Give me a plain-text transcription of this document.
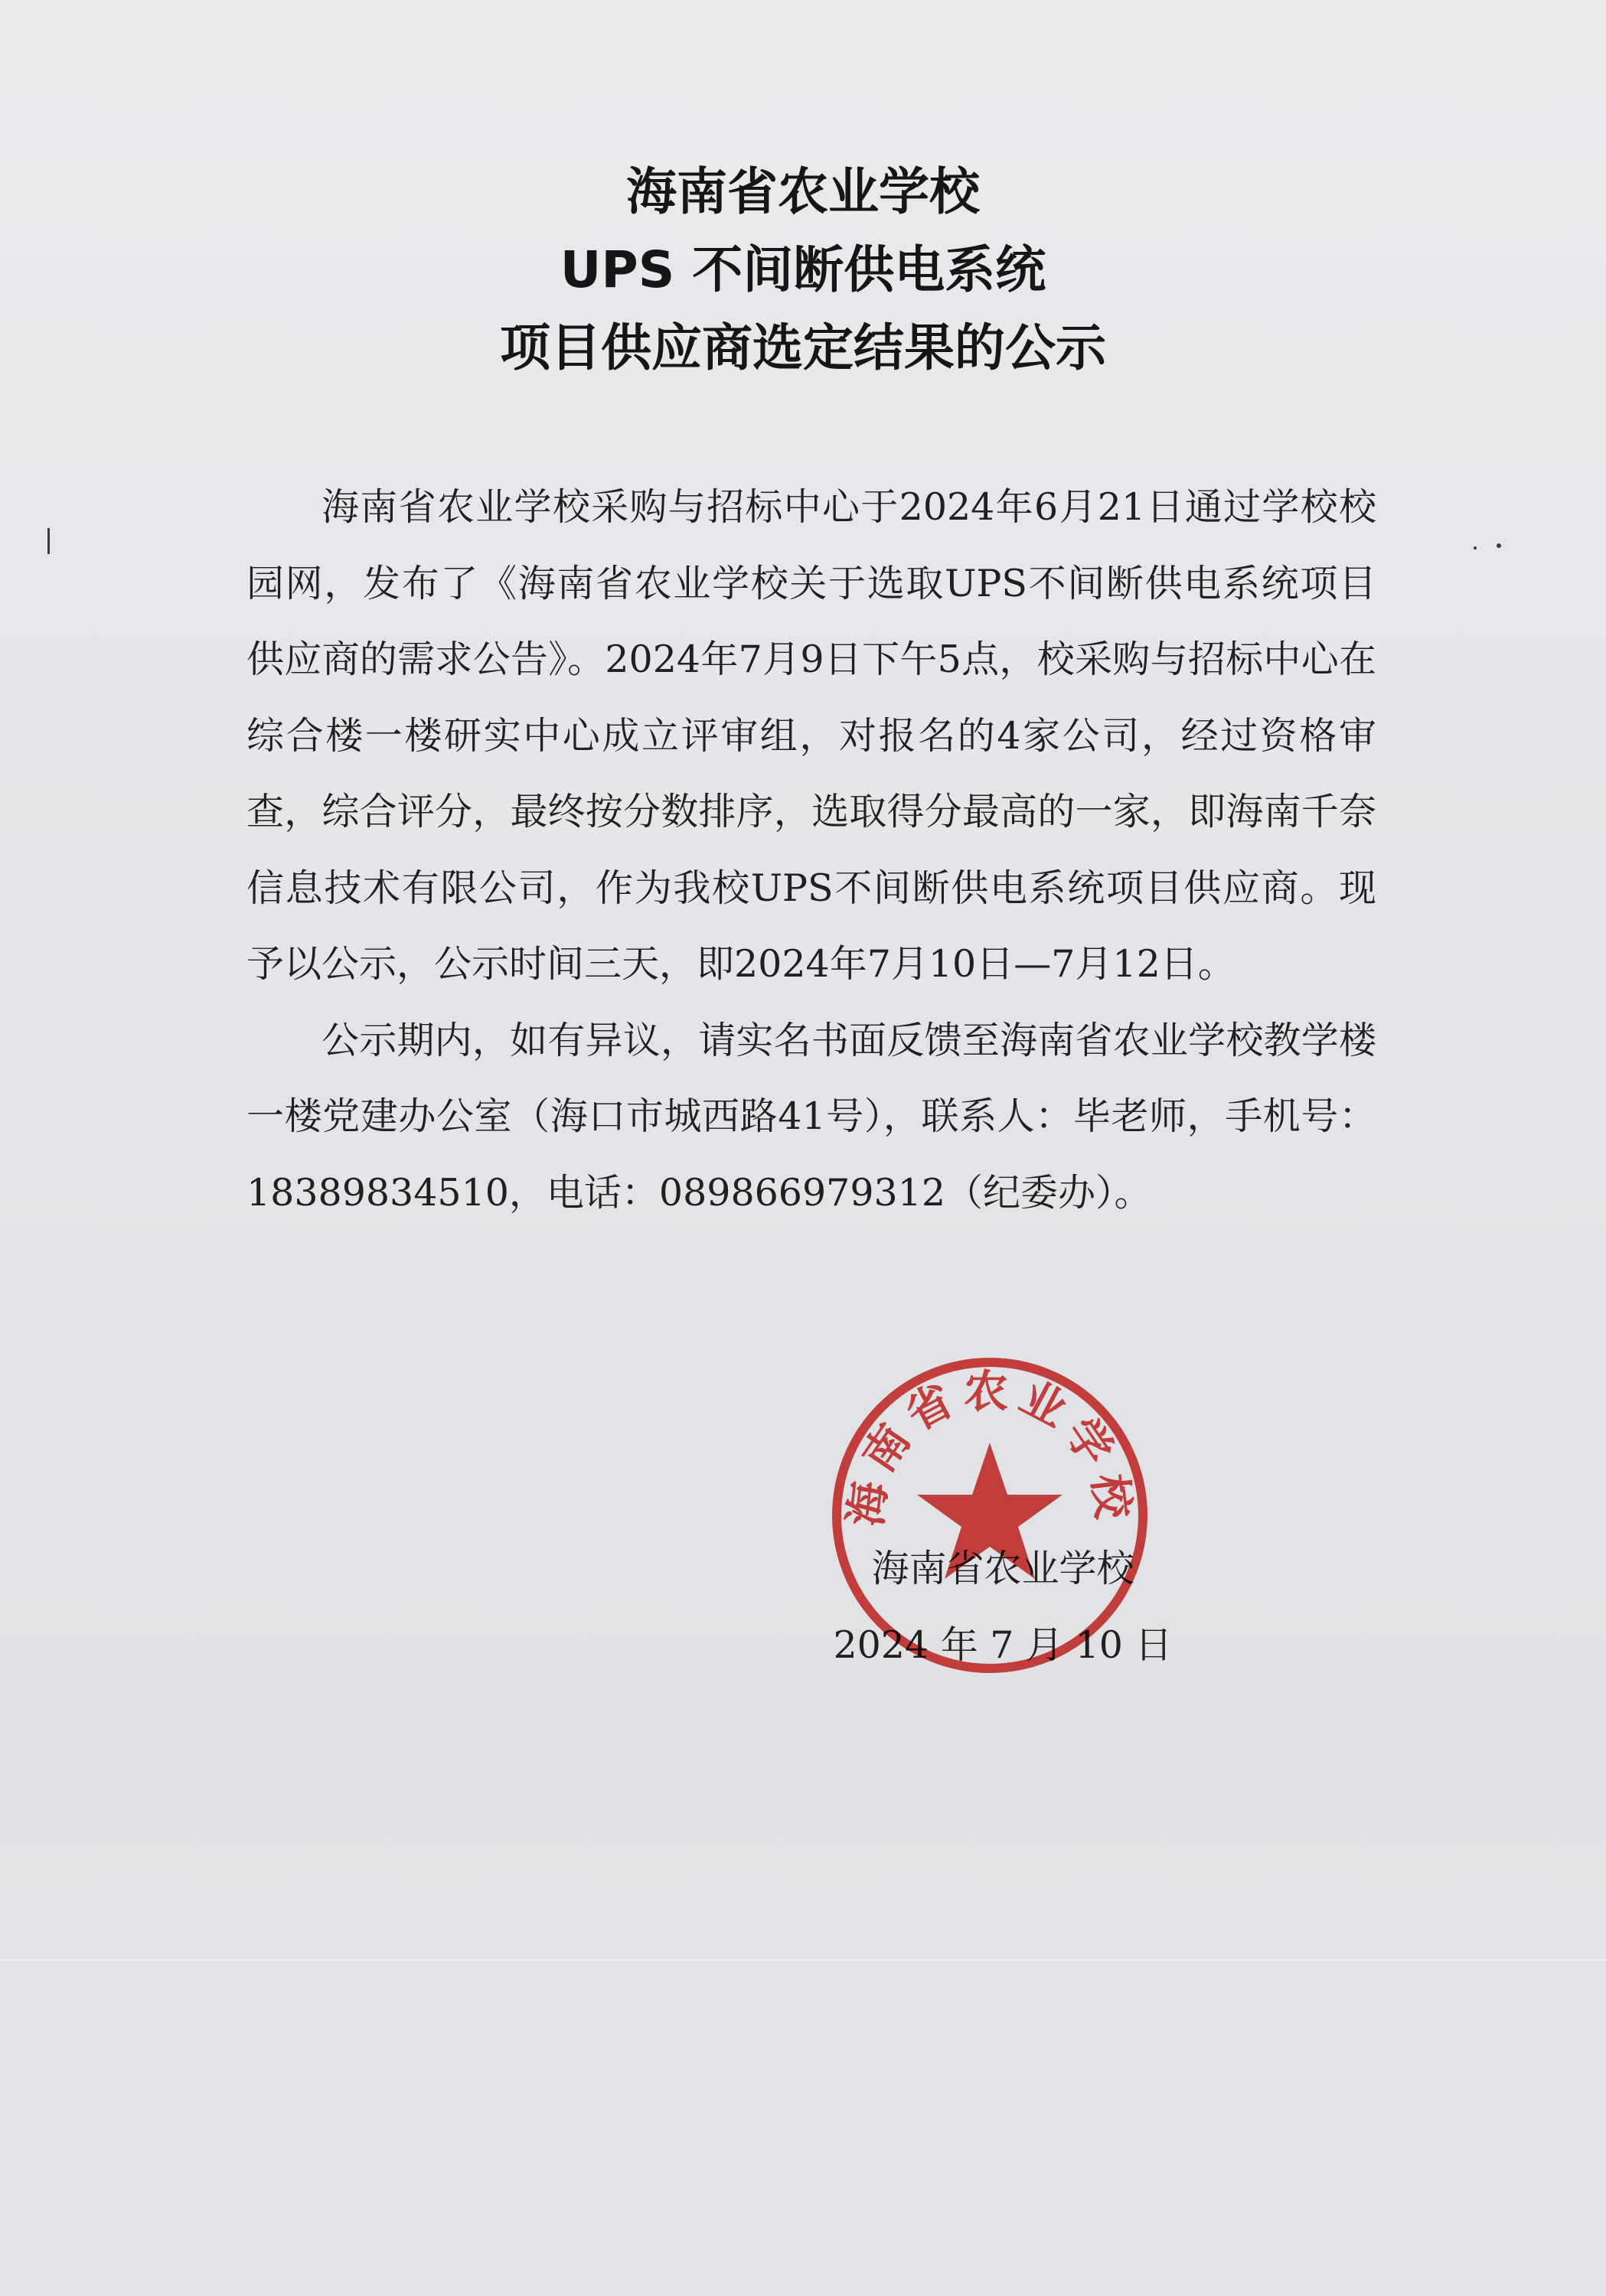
海南省农业学校
UPS 不间断供电系统
项目供应商选定结果的公示

海南省农业学校采购与招标中心于2024年6月21日通过学校校园网，发布了《海南省农业学校关于选取UPS不间断供电系统项目供应商的需求公告》。2024年7月9日下午5点，校采购与招标中心在综合楼一楼研实中心成立评审组，对报名的4家公司，经过资格审查，综合评分，最终按分数排序，选取得分最高的一家，即海南千奈信息技术有限公司，作为我校UPS不间断供电系统项目供应商。现予以公示，公示时间三天，即2024年7月10日—7月12日。

公示期内，如有异议，请实名书面反馈至海南省农业学校教学楼一楼党建办公室（海口市城西路41号），联系人：毕老师，手机号：18389834510，电话：089866979312（纪委办）。

海南省农业学校
2024 年 7 月 10 日
海南省农业学校
